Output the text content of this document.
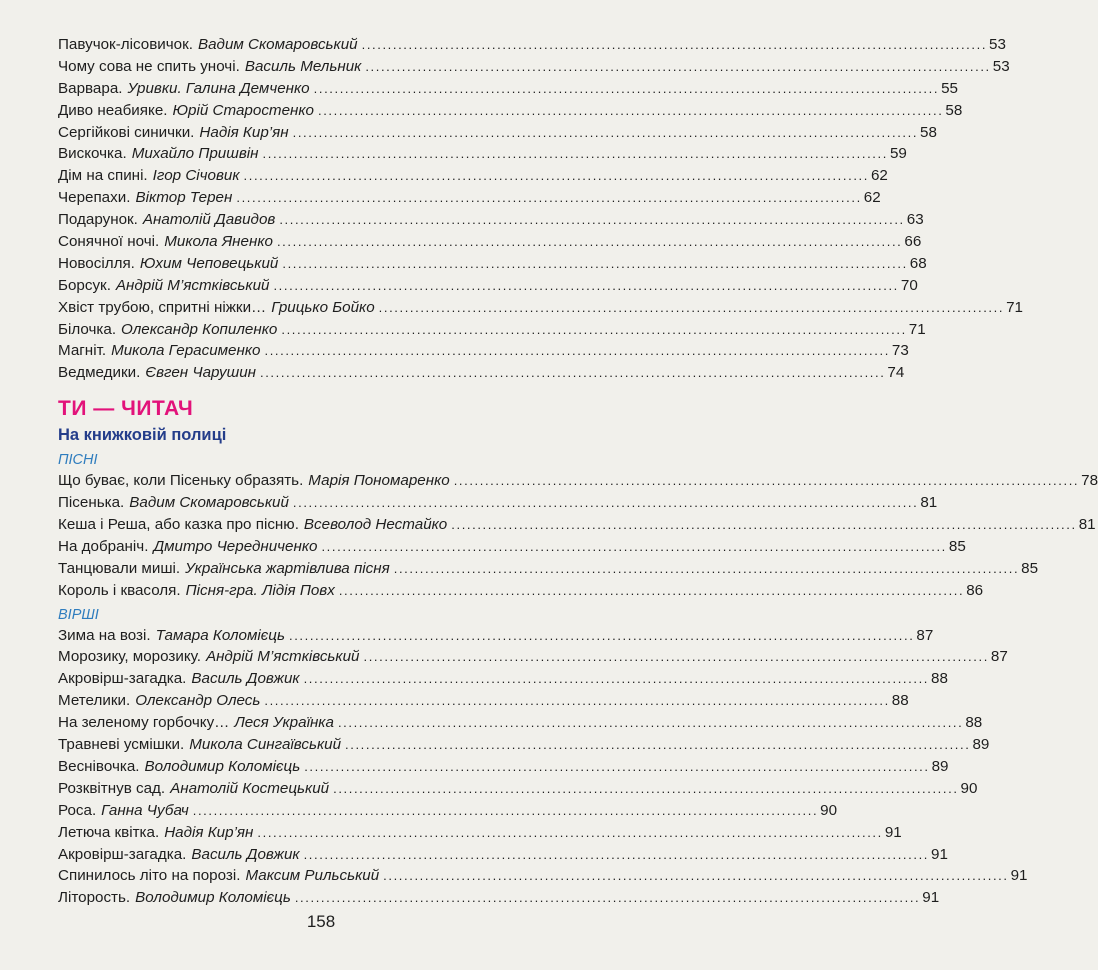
Павучок-лісовичок. Вадим Скомаровський ........................................................................................................................ 53
Чому сова не спить уночі. Василь Мельник ........................................................................................................................ 53
Варвара. Уривки. Галина Демченко ........................................................................................................................ 55
Диво неабияке. Юрій Старостенко ........................................................................................................................ 58
Сергійкові синички. Надія Кир’ян ........................................................................................................................ 58
Вискочка. Михайло Пришвін ........................................................................................................................ 59
Дім на спині. Ігор Січовик ........................................................................................................................ 62
Черепахи. Віктор Терен ........................................................................................................................ 62
Подарунок. Анатолій Давидов ........................................................................................................................ 63
Сонячної ночі. Микола Яненко ........................................................................................................................ 66
Новосілля. Юхим Чеповецький ........................................................................................................................ 68
Борсук. Андрій М’ястківський ........................................................................................................................ 70
Хвіст трубою, спритні ніжки… Грицько Бойко ........................................................................................................................ 71
Білочка. Олександр Копиленко ........................................................................................................................ 71
Магніт. Микола Герасименко ........................................................................................................................ 73
Ведмедики. Євген Чарушин ........................................................................................................................ 74
ТИ — ЧИТАЧ
На книжковій полиці
ПІСНІ
Що буває, коли Пісеньку образять. Марія Пономаренко ........................................................................................................................ 78
Пісенька. Вадим Скомаровський ........................................................................................................................ 81
Кеша і Реша, або казка про пісню. Всеволод Нестайко ........................................................................................................................ 81
На добраніч. Дмитро Чередниченко ........................................................................................................................ 85
Танцювали миші. Українська жартівлива пісня ........................................................................................................................ 85
Король і квасоля. Пісня-гра. Лідія Повх ........................................................................................................................ 86
ВІРШІ
Зима на возі. Тамара Коломієць ........................................................................................................................ 87
Морозику, морозику. Андрій М’ястківський ........................................................................................................................ 87
Акровірш-загадка. Василь Довжик ........................................................................................................................ 88
Метелики. Олександр Олесь ........................................................................................................................ 88
На зеленому горбочку… Леся Українка ........................................................................................................................ 88
Травневі усмішки. Микола Сингаївський ........................................................................................................................ 89
Веснівочка. Володимир Коломієць ........................................................................................................................ 89
Розквітнув сад. Анатолій Костецький ........................................................................................................................ 90
Роса. Ганна Чубач ........................................................................................................................ 90
Летюча квітка. Надія Кир’ян ........................................................................................................................ 91
Акровірш-загадка. Василь Довжик ........................................................................................................................ 91
Спинилось літо на порозі. Максим Рильський ........................................................................................................................ 91
Літорость. Володимир Коломієць ........................................................................................................................ 91
158
